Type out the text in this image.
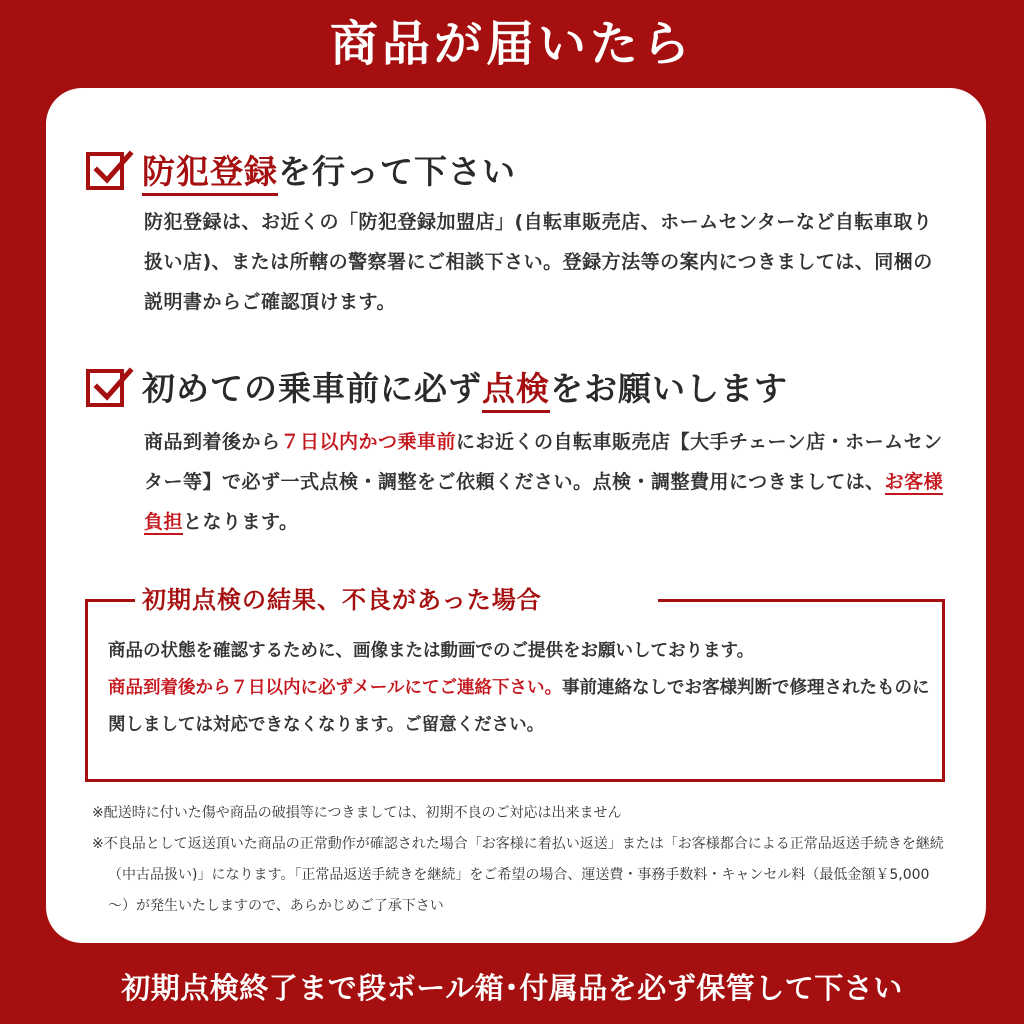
商品が届いたら
防犯登録を行って下さい
防犯登録は、お近くの「防犯登録加盟店」(自転車販売店、ホームセンターなど自転車取り扱い店)、または所轄の警察署にご相談下さい。登録方法等の案内につきましては、同梱の説明書からご確認頂けます。
初めての乗車前に必ず点検をお願いします
商品到着後から７日以内かつ乗車前にお近くの自転車販売店【大手チェーン店・ホームセンター等】で必ず一式点検・調整をご依頼ください。点検・調整費用につきましては、お客様負担となります。
初期点検の結果、不良があった場合
商品の状態を確認するために、画像または動画でのご提供をお願いしております。
商品到着後から７日以内に必ずメールにてご連絡下さい。事前連絡なしでお客様判断で修理されたものに関しましては対応できなくなります。ご留意ください。
※配送時に付いた傷や商品の破損等につきましては、初期不良のご対応は出来ません
※不良品として返送頂いた商品の正常動作が確認された場合「お客様に着払い返送」または「お客様都合による正常品返送手続きを継続（中古品扱い)」になります。「正常品返送手続きを継続」をご希望の場合、運送費・事務手数料・キャンセル料（最低金額￥5,000 〜）が発生いたしますので、あらかじめご了承下さい
初期点検終了まで段ボール箱･付属品を必ず保管して下さい
